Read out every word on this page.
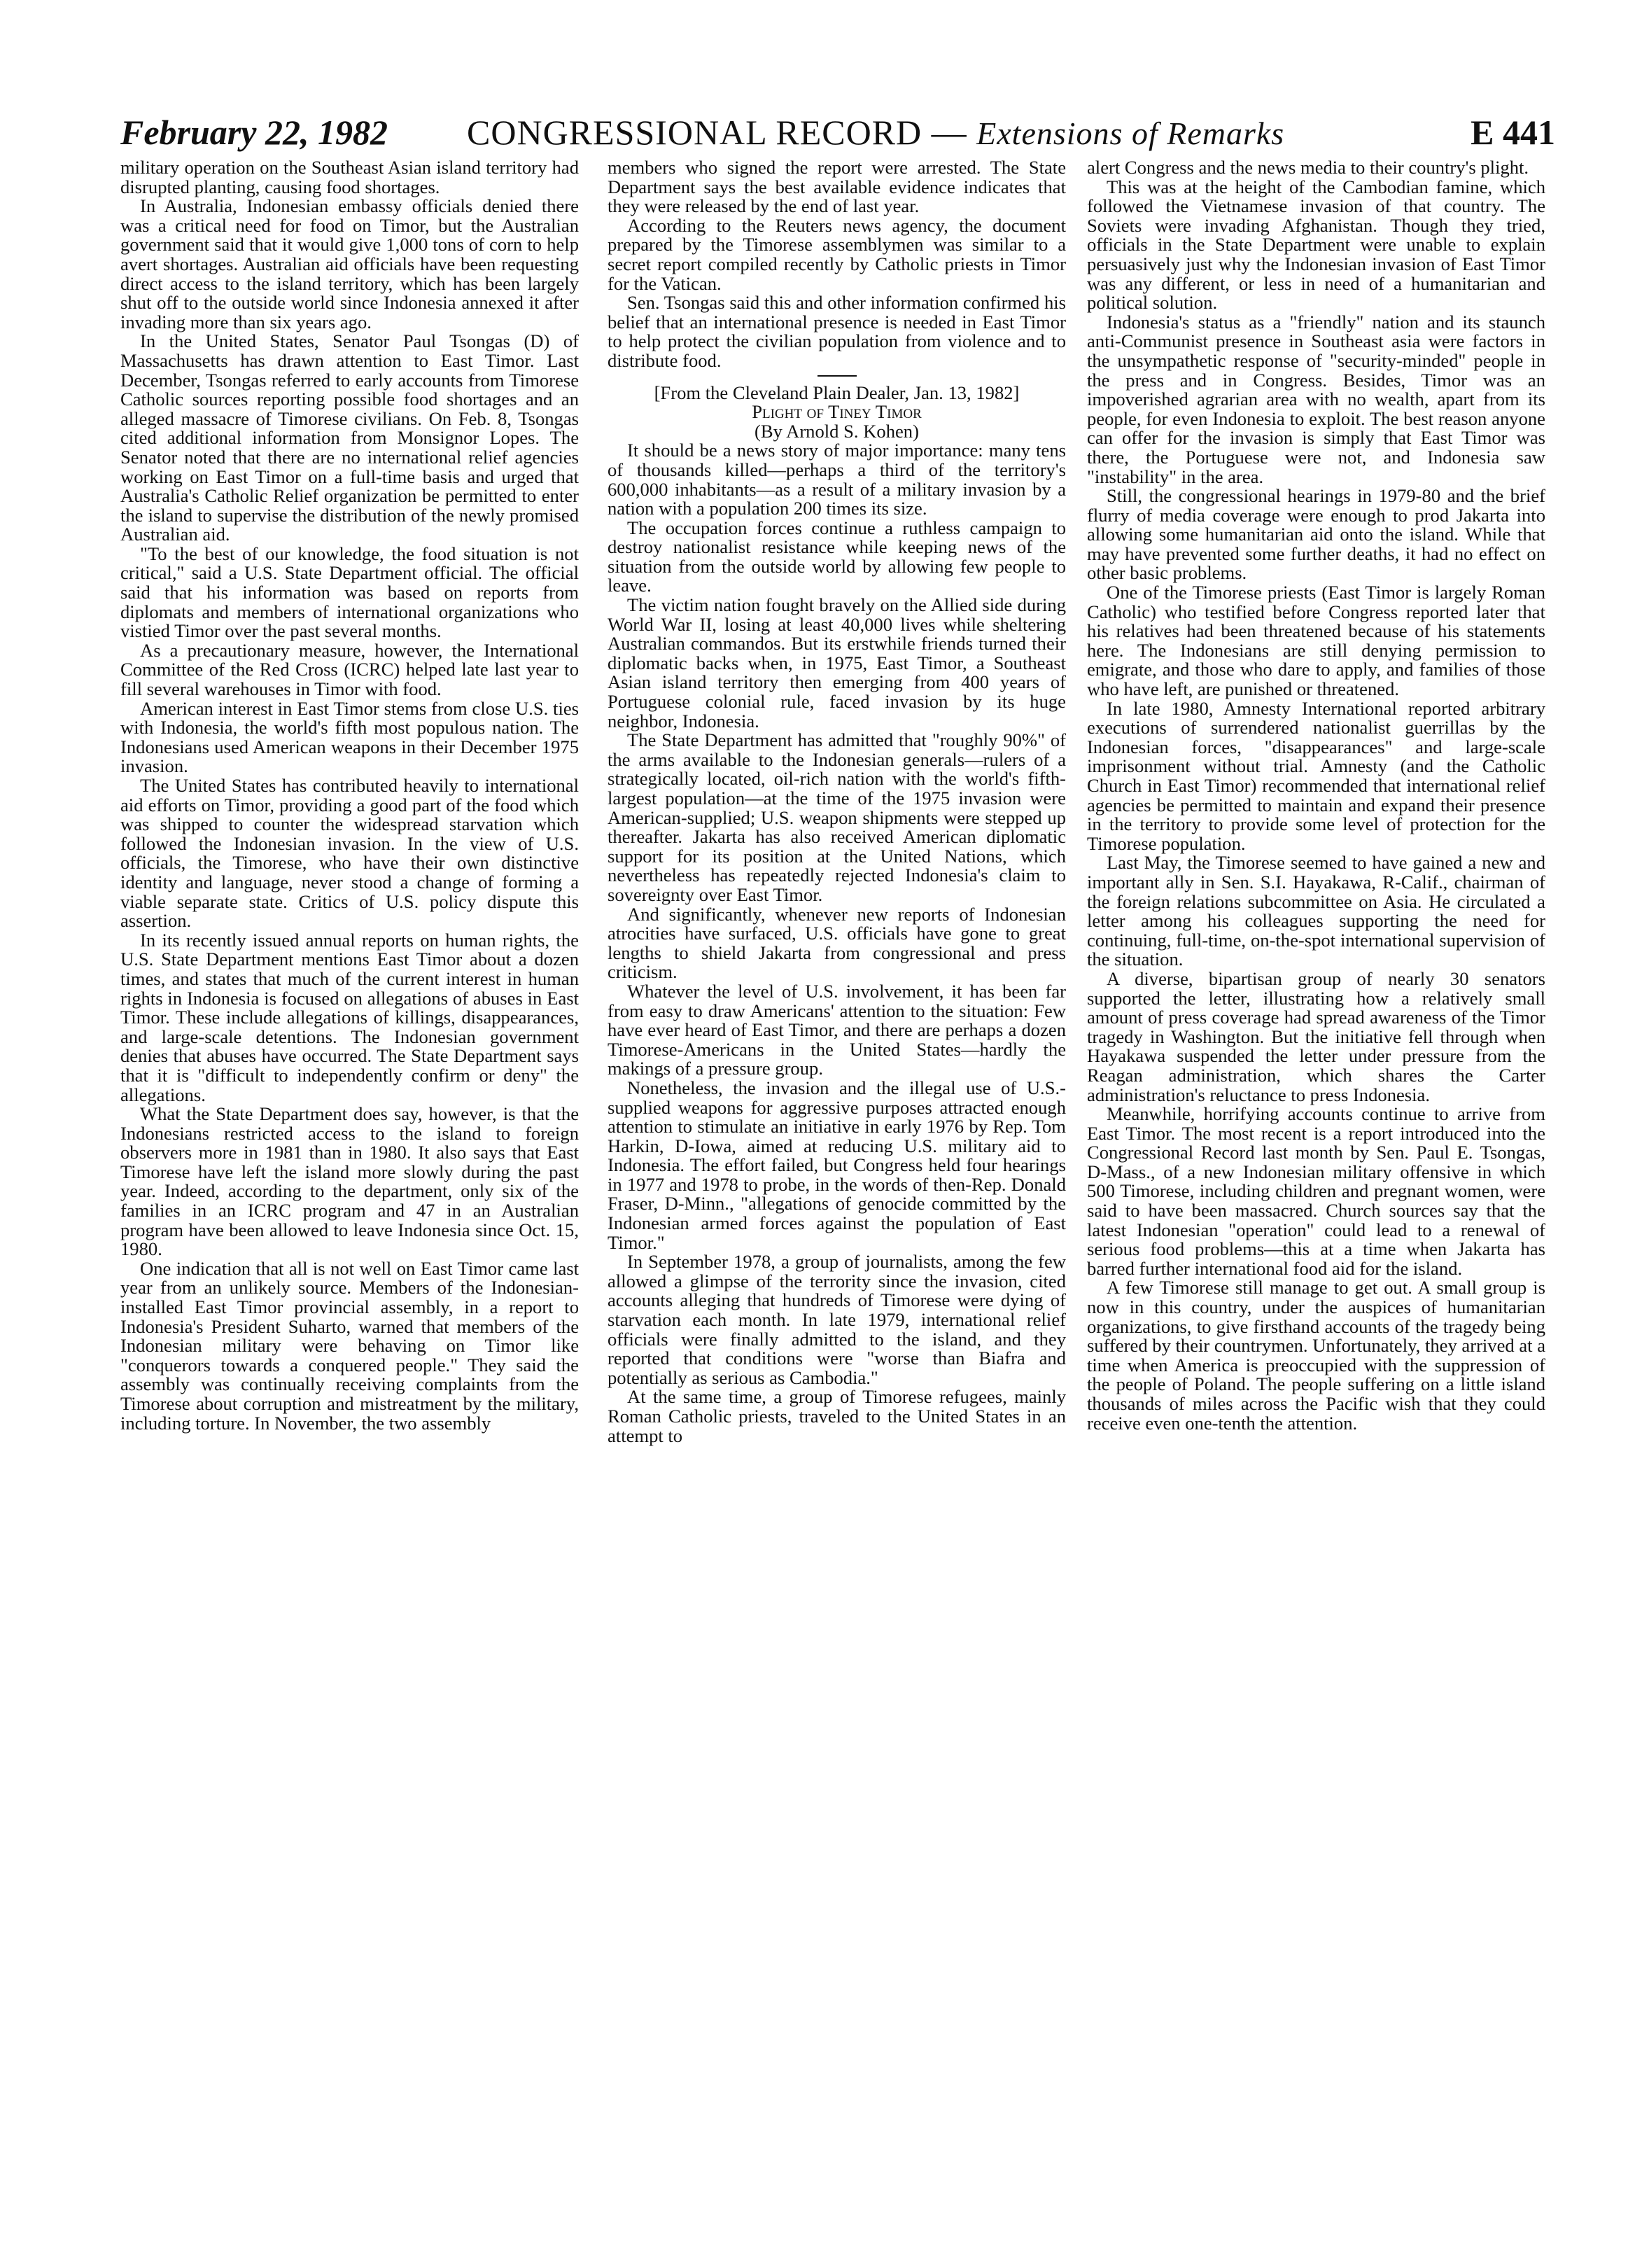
February 22, 1982 CONGRESSIONAL RECORD — Extensions of Remarks	E 441

military operation on the Southeast Asian island territory had disrupted planting, causing food shortages.

In Australia, Indonesian embassy officials denied there was a critical need for food on Timor, but the Australian government said that it would give 1,000 tons of corn to help avert shortages. Australian aid officials have been requesting direct access to the island territory, which has been largely shut off to the outside world since Indonesia annexed it after invading more than six years ago.

In the United States, Senator Paul Tsongas (D) of Massachusetts has drawn attention to East Timor. Last December, Tsongas referred to early accounts from Timorese Catholic sources reporting possible food shortages and an alleged massacre of Timorese civilians. On Feb. 8, Tsongas cited additional information from Monsignor Lopes. The Senator noted that there are no international relief agencies working on East Timor on a full-time basis and urged that Australia's Catholic Relief organization be permitted to enter the island to supervise the distribution of the newly promised Australian aid.

"To the best of our knowledge, the food situation is not critical," said a U.S. State Department official. The official said that his information was based on reports from diplomats and members of international organizations who vistied Timor over the past several months.

As a precautionary measure, however, the International Committee of the Red Cross (ICRC) helped late last year to fill several warehouses in Timor with food.

American interest in East Timor stems from close U.S. ties with Indonesia, the world's fifth most populous nation. The Indonesians used American weapons in their December 1975 invasion.

The United States has contributed heavily to international aid efforts on Timor, providing a good part of the food which was shipped to counter the widespread starvation which followed the Indonesian invasion. In the view of U.S. officials, the Timorese, who have their own distinctive identity and language, never stood a change of forming a viable separate state. Critics of U.S. policy dispute this assertion.

In its recently issued annual reports on human rights, the U.S. State Department mentions East Timor about a dozen times, and states that much of the current interest in human rights in Indonesia is focused on allegations of abuses in East Timor. These include allegations of killings, disappearances, and large-scale detentions. The Indonesian government denies that abuses have occurred. The State Department says that it is "difficult to independently confirm or deny" the allegations.

What the State Department does say, however, is that the Indonesians restricted access to the island to foreign observers more in 1981 than in 1980. It also says that East Timorese have left the island more slowly during the past year. Indeed, according to the department, only six of the families in an ICRC program and 47 in an Australian program have been allowed to leave Indonesia since Oct. 15, 1980.

One indication that all is not well on East Timor came last year from an unlikely source. Members of the Indonesian-installed East Timor provincial assembly, in a report to Indonesia's President Suharto, warned that members of the Indonesian military were behaving on Timor like "conquerors towards a conquered people." They said the assembly was continually receiving complaints from the Timorese about corruption and mistreatment by the military, including torture. In November, the two assembly

members who signed the report were arrested. The State Department says the best available evidence indicates that they were released by the end of last year.

According to the Reuters news agency, the document prepared by the Timorese assemblymen was similar to a secret report compiled recently by Catholic priests in Timor for the Vatican.

Sen. Tsongas said this and other information confirmed his belief that an international presence is needed in East Timor to help protect the civilian population from violence and to distribute food.

[From the Cleveland Plain Dealer, Jan. 13, 1982]

Plight of Tiney Timor

(By Arnold S. Kohen)

It should be a news story of major importance: many tens of thousands killed—perhaps a third of the territory's 600,000 inhabitants—as a result of a military invasion by a nation with a population 200 times its size.

The occupation forces continue a ruthless campaign to destroy nationalist resistance while keeping news of the situation from the outside world by allowing few people to leave.

The victim nation fought bravely on the Allied side during World War II, losing at least 40,000 lives while sheltering Australian commandos. But its erstwhile friends turned their diplomatic backs when, in 1975, East Timor, a Southeast Asian island territory then emerging from 400 years of Portuguese colonial rule, faced invasion by its huge neighbor, Indonesia.

The State Department has admitted that "roughly 90%" of the arms available to the Indonesian generals—rulers of a strategically located, oil-rich nation with the world's fifth-largest population—at the time of the 1975 invasion were American-supplied; U.S. weapon shipments were stepped up thereafter. Jakarta has also received American diplomatic support for its position at the United Nations, which nevertheless has repeatedly rejected Indonesia's claim to sovereignty over East Timor.

And significantly, whenever new reports of Indonesian atrocities have surfaced, U.S. officials have gone to great lengths to shield Jakarta from congressional and press criticism.

Whatever the level of U.S. involvement, it has been far from easy to draw Americans' attention to the situation: Few have ever heard of East Timor, and there are perhaps a dozen Timorese-Americans in the United States—hardly the makings of a pressure group.

Nonetheless, the invasion and the illegal use of U.S.-supplied weapons for aggressive purposes attracted enough attention to stimulate an initiative in early 1976 by Rep. Tom Harkin, D-Iowa, aimed at reducing U.S. military aid to Indonesia. The effort failed, but Congress held four hearings in 1977 and 1978 to probe, in the words of then-Rep. Donald Fraser, D-Minn., "allegations of genocide committed by the Indonesian armed forces against the population of East Timor."

In September 1978, a group of journalists, among the few allowed a glimpse of the terrority since the invasion, cited accounts alleging that hundreds of Timorese were dying of starvation each month. In late 1979, international relief officials were finally admitted to the island, and they reported that conditions were "worse than Biafra and potentially as serious as Cambodia."

At the same time, a group of Timorese refugees, mainly Roman Catholic priests, traveled to the United States in an attempt to

alert Congress and the news media to their country's plight.

This was at the height of the Cambodian famine, which followed the Vietnamese invasion of that country. The Soviets were invading Afghanistan. Though they tried, officials in the State Department were unable to explain persuasively just why the Indonesian invasion of East Timor was any different, or less in need of a humanitarian and political solution.

Indonesia's status as a "friendly" nation and its staunch anti-Communist presence in Southeast asia were factors in the unsympathetic response of "security-minded" people in the press and in Congress. Besides, Timor was an impoverished agrarian area with no wealth, apart from its people, for even Indonesia to exploit. The best reason anyone can offer for the invasion is simply that East Timor was there, the Portuguese were not, and Indonesia saw "instability" in the area.

Still, the congressional hearings in 1979-80 and the brief flurry of media coverage were enough to prod Jakarta into allowing some humanitarian aid onto the island. While that may have prevented some further deaths, it had no effect on other basic problems.

One of the Timorese priests (East Timor is largely Roman Catholic) who testified before Congress reported later that his relatives had been threatened because of his statements here. The Indonesians are still denying permission to emigrate, and those who dare to apply, and families of those who have left, are punished or threatened.

In late 1980, Amnesty International reported arbitrary executions of surrendered nationalist guerrillas by the Indonesian forces, "disappearances" and large-scale imprisonment without trial. Amnesty (and the Catholic Church in East Timor) recommended that international relief agencies be permitted to maintain and expand their presence in the territory to provide some level of protection for the Timorese population.

Last May, the Timorese seemed to have gained a new and important ally in Sen. S.I. Hayakawa, R-Calif., chairman of the foreign relations subcommittee on Asia. He circulated a letter among his colleagues supporting the need for continuing, full-time, on-the-spot international supervision of the situation.

A diverse, bipartisan group of nearly 30 senators supported the letter, illustrating how a relatively small amount of press coverage had spread awareness of the Timor tragedy in Washington. But the initiative fell through when Hayakawa suspended the letter under pressure from the Reagan administration, which shares the Carter administration's reluctance to press Indonesia.

Meanwhile, horrifying accounts continue to arrive from East Timor. The most recent is a report introduced into the Congressional Record last month by Sen. Paul E. Tsongas, D-Mass., of a new Indonesian military offensive in which 500 Timorese, including children and pregnant women, were said to have been massacred. Church sources say that the latest Indonesian "operation" could lead to a renewal of serious food problems—this at a time when Jakarta has barred further international food aid for the island.

A few Timorese still manage to get out. A small group is now in this country, under the auspices of humanitarian organizations, to give firsthand accounts of the tragedy being suffered by their countrymen. Unfortunately, they arrived at a time when America is preoccupied with the suppression of the people of Poland. The people suffering on a little island thousands of miles across the Pacific wish that they could receive even one-tenth the attention.
